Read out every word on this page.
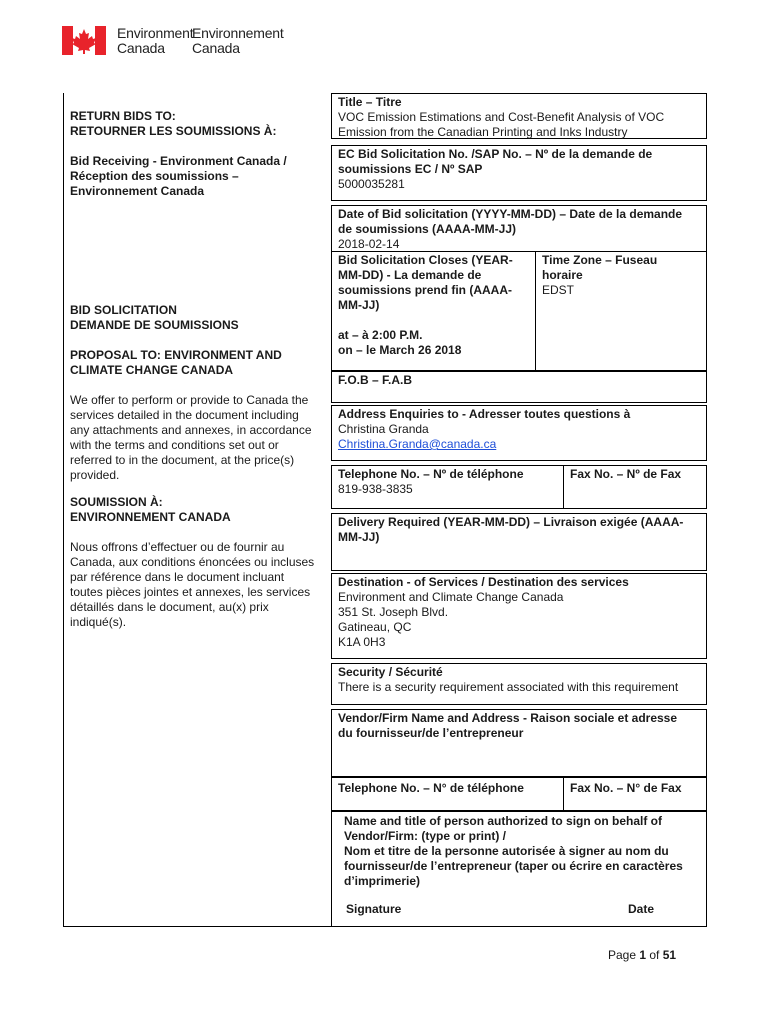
Environment
Canada
Environnement
Canada
RETURN BIDS TO:
RETOURNER LES SOUMISSIONS À:
Bid Receiving - Environment Canada /
Réception des soumissions –
Environnement Canada
BID SOLICITATION
DEMANDE DE SOUMISSIONS
PROPOSAL TO: ENVIRONMENT AND
CLIMATE CHANGE CANADA
We offer to perform or provide to Canada the
services detailed in the document including
any attachments and annexes, in accordance
with the terms and conditions set out or
referred to in the document, at the price(s)
provided.
SOUMISSION À:
ENVIRONNEMENT CANADA
Nous offrons d’effectuer ou de fournir au
Canada, aux conditions énoncées ou incluses
par référence dans le document incluant
toutes pièces jointes et annexes, les services
détaillés dans le document, au(x) prix
indiqué(s).
Title – Titre
VOC Emission Estimations and Cost-Benefit Analysis of VOC
Emission from the Canadian Printing and Inks Industry
EC Bid Solicitation No. /SAP No. – Nº de la demande de
soumissions EC / Nº SAP
5000035281
Date of Bid solicitation (YYYY-MM-DD) – Date de la demande
de soumissions (AAAA-MM-JJ)
2018-02-14
Bid Solicitation Closes (YEAR-
MM-DD) - La demande de
soumissions prend fin (AAAA-
MM-JJ)
at – à 2:00 P.M.
on – le March 26 2018
Time Zone – Fuseau
horaire
EDST
F.O.B – F.A.B
Address Enquiries to - Adresser toutes questions à
Christina Granda
Christina.Granda@canada.ca
Telephone No. – Nº de téléphone
819-938-3835
Fax No. – Nº de Fax
Delivery Required (YEAR-MM-DD) – Livraison exigée (AAAA-
MM-JJ)
Destination - of Services / Destination des services
Environment and Climate Change Canada
351 St. Joseph Blvd.
Gatineau, QC
K1A 0H3
Security / Sécurité
There is a security requirement associated with this requirement
Vendor/Firm Name and Address - Raison sociale et adresse
du fournisseur/de l’entrepreneur
Telephone No. – N° de téléphone	Fax No. – N° de Fax
Name and title of person authorized to sign on behalf of
Vendor/Firm: (type or print) /
Nom et titre de la personne autorisée à signer au nom du
fournisseur/de l’entrepreneur (taper ou écrire en caractères
d’imprimerie)
Signature	Date
Page 1 of 51
